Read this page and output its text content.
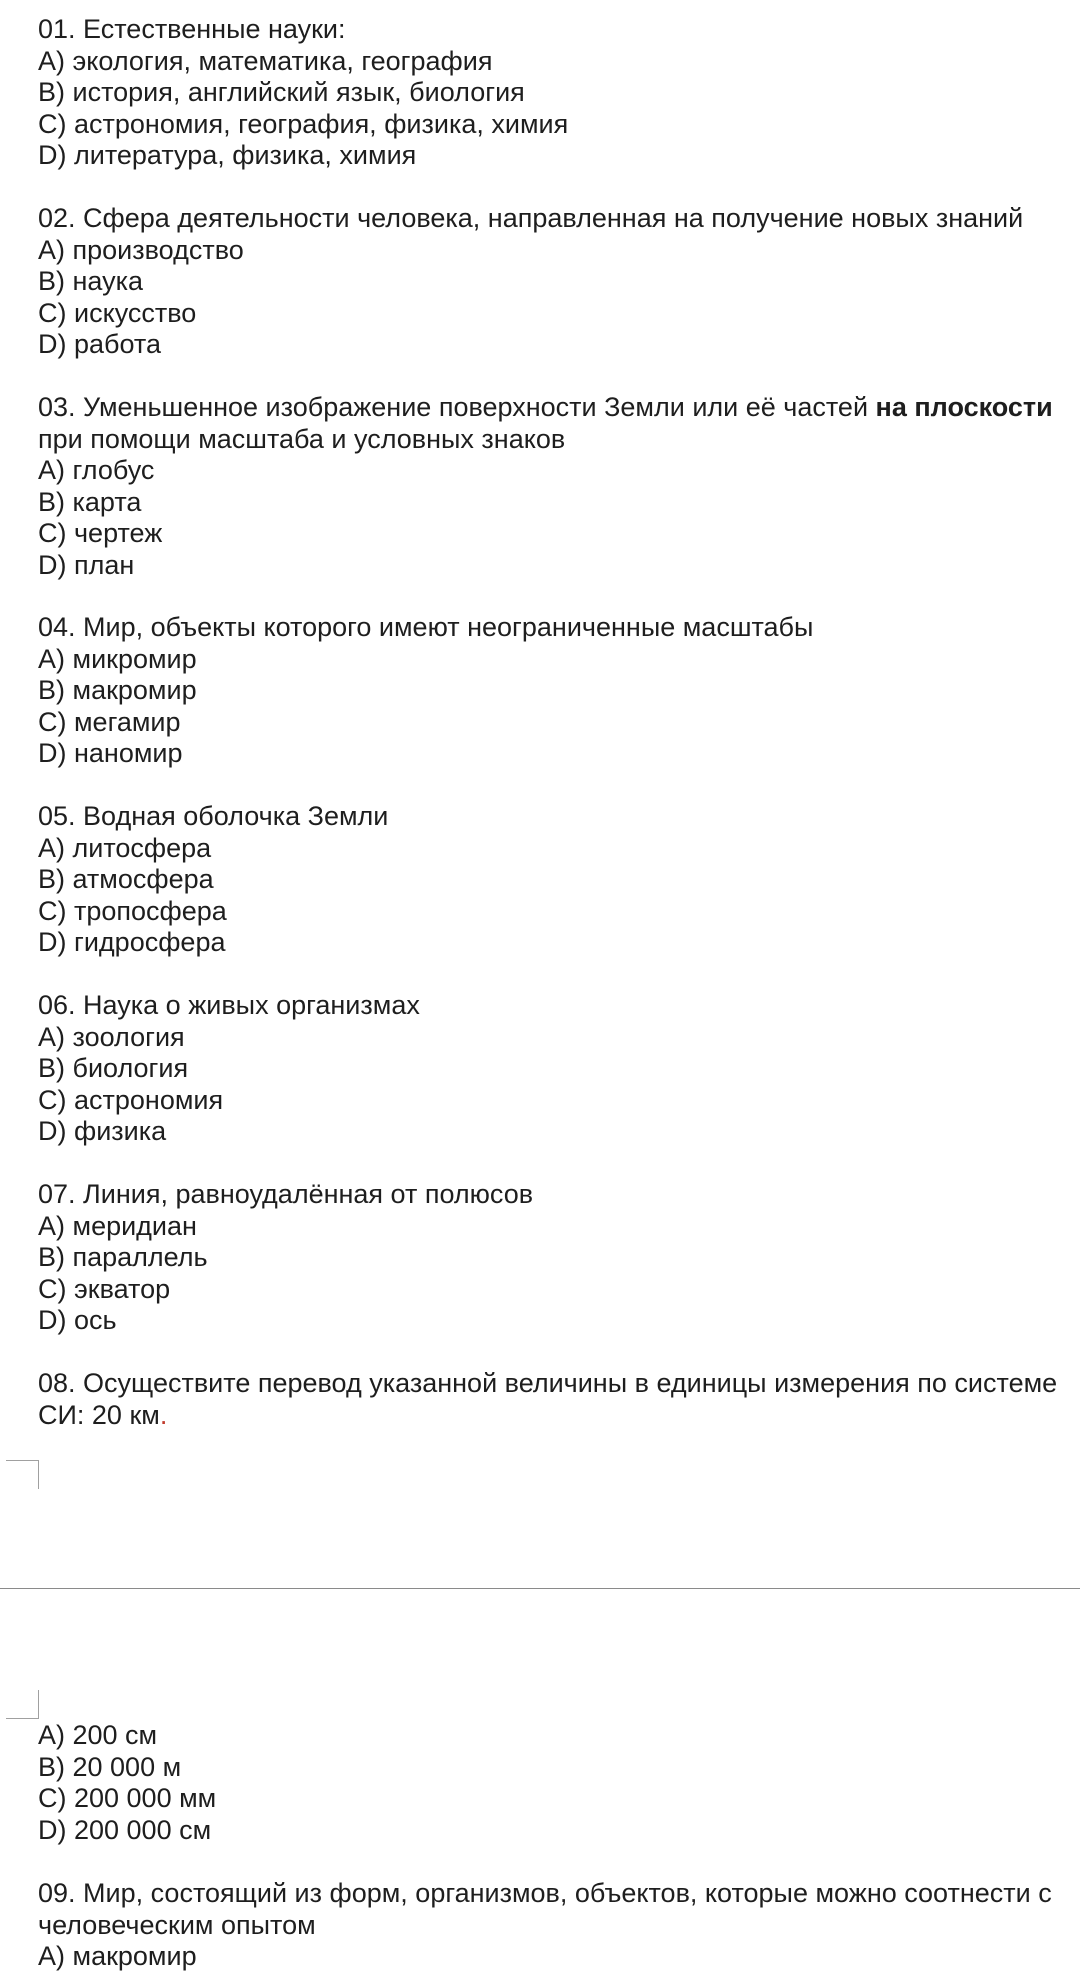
01. Естественные науки:
A) экология, математика, география
B) история, английский язык, биология
C) астрономия, география, физика, химия
D) литература, физика, химия
02. Сфера деятельности человека, направленная на получение новых знаний
A) производство
B) наука
C) искусство
D) работа
03. Уменьшенное изображение поверхности Земли или её частей на плоскости
при помощи масштаба и условных знаков
A) глобус
B) карта
C) чертеж
D) план
04. Мир, объекты которого имеют неограниченные масштабы
A) микромир
B) макромир
C) мегамир
D) наномир
05. Водная оболочка Земли
A) литосфера
B) атмосфера
C) тропосфера
D) гидросфера
06. Наука о живых организмах
A) зоология
B) биология
C) астрономия
D) физика
07. Линия, равноудалённая от полюсов
A) меридиан
B) параллель
C) экватор
D) ось
08. Осуществите перевод указанной величины в единицы измерения по системе
СИ: 20 км.
A) 200 см
B) 20 000 м
C) 200 000 мм
D) 200 000 см
09. Мир, состоящий из форм, организмов, объектов, которые можно соотнести с
человеческим опытом
A) макромир
